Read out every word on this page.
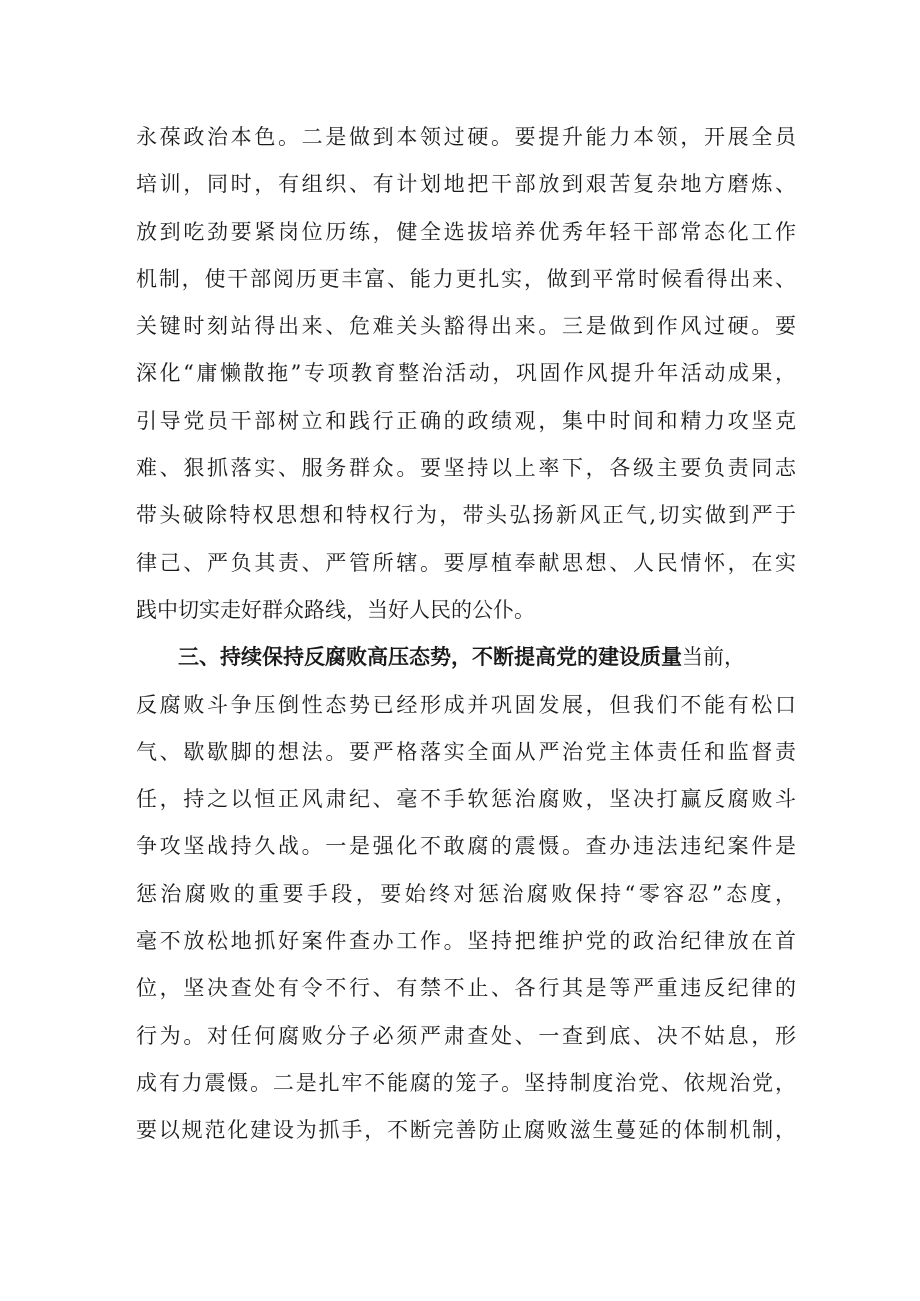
永葆政治本色。二是做到本领过硬。要提升能力本领，开展全员
培训，同时，有组织、有计划地把干部放到艰苦复杂地方磨炼、
放到吃劲要紧岗位历练，健全选拔培养优秀年轻干部常态化工作
机制，使干部阅历更丰富、能力更扎实，做到平常时候看得出来、
关键时刻站得出来、危难关头豁得出来。三是做到作风过硬。要
深化“庸懒散拖”专项教育整治活动，巩固作风提升年活动成果，
引导党员干部树立和践行正确的政绩观，集中时间和精力攻坚克
难、狠抓落实、服务群众。要坚持以上率下，各级主要负责同志
带头破除特权思想和特权行为，带头弘扬新风正气,切实做到严于
律己、严负其责、严管所辖。要厚植奉献思想、人民情怀，在实
践中切实走好群众路线，当好人民的公仆。
三、持续保持反腐败高压态势，不断提高党的建设质量当前，
反腐败斗争压倒性态势已经形成并巩固发展，但我们不能有松口
气、歇歇脚的想法。要严格落实全面从严治党主体责任和监督责
任，持之以恒正风肃纪、毫不手软惩治腐败，坚决打赢反腐败斗
争攻坚战持久战。一是强化不敢腐的震慑。查办违法违纪案件是
惩治腐败的重要手段，要始终对惩治腐败保持“零容忍”态度，
毫不放松地抓好案件查办工作。坚持把维护党的政治纪律放在首
位，坚决查处有令不行、有禁不止、各行其是等严重违反纪律的
行为。对任何腐败分子必须严肃查处、一查到底、决不姑息，形
成有力震慑。二是扎牢不能腐的笼子。坚持制度治党、依规治党，
要以规范化建设为抓手，不断完善防止腐败滋生蔓延的体制机制，
